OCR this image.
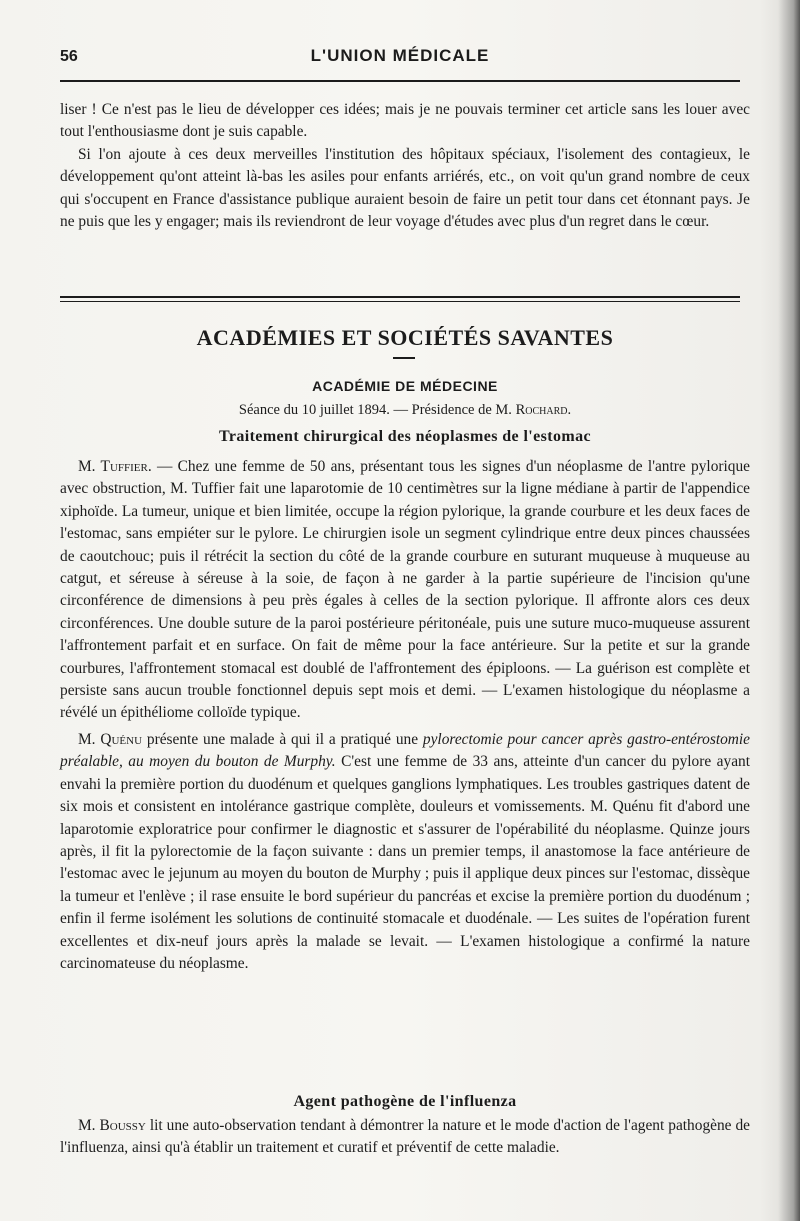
56	L'UNION MÉDICALE

liser ! Ce n'est pas le lieu de développer ces idées; mais je ne pouvais terminer cet article sans les louer avec tout l'enthousiasme dont je suis capable.

Si l'on ajoute à ces deux merveilles l'institution des hôpitaux spéciaux, l'isolement des contagieux, le développement qu'ont atteint là-bas les asiles pour enfants arriérés, etc., on voit qu'un grand nombre de ceux qui s'occupent en France d'assistance publique auraient besoin de faire un petit tour dans cet étonnant pays. Je ne puis que les y engager; mais ils reviendront de leur voyage d'études avec plus d'un regret dans le cœur.

ACADÉMIES ET SOCIÉTÉS SAVANTES
ACADÉMIE DE MÉDECINE
Séance du 10 juillet 1894. — Présidence de M. Rochard.
Traitement chirurgical des néoplasmes de l'estomac

M. Tuffier. — Chez une femme de 50 ans, présentant tous les signes d'un néoplasme de l'antre pylorique avec obstruction, M. Tuffier fait une laparotomie de 10 centimètres sur la ligne médiane à partir de l'appendice xiphoïde. La tumeur, unique et bien limitée, occupe la région pylorique, la grande courbure et les deux faces de l'estomac, sans empiéter sur le pylore. Le chirurgien isole un segment cylindrique entre deux pinces chaussées de caoutchouc; puis il rétrécit la section du côté de la grande courbure en suturant muqueuse à muqueuse au catgut, et séreuse à séreuse à la soie, de façon à ne garder à la partie supérieure de l'incision qu'une circonférence de dimensions à peu près égales à celles de la section pylorique. Il affronte alors ces deux circonférences. Une double suture de la paroi postérieure péritonéale, puis une suture muco-muqueuse assurent l'affrontement parfait et en surface. On fait de même pour la face antérieure. Sur la petite et sur la grande courbures, l'affrontement stomacal est doublé de l'affrontement des épiploons. — La guérison est complète et persiste sans aucun trouble fonctionnel depuis sept mois et demi. — L'examen histologique du néoplasme a révélé un épithéliome colloïde typique.

M. Quénu présente une malade à qui il a pratiqué une pylorectomie pour cancer après gastro-entérostomie préalable, au moyen du bouton de Murphy. C'est une femme de 33 ans, atteinte d'un cancer du pylore ayant envahi la première portion du duodénum et quelques ganglions lymphatiques. Les troubles gastriques datent de six mois et consistent en intolérance gastrique complète, douleurs et vomissements. M. Quénu fit d'abord une laparotomie exploratrice pour confirmer le diagnostic et s'assurer de l'opérabilité du néoplasme. Quinze jours après, il fit la pylorectomie de la façon suivante : dans un premier temps, il anastomose la face antérieure de l'estomac avec le jejunum au moyen du bouton de Murphy ; puis il applique deux pinces sur l'estomac, dissèque la tumeur et l'enlève ; il rase ensuite le bord supérieur du pancréas et excise la première portion du duodénum ; enfin il ferme isolément les solutions de continuité stomacale et duodénale. — Les suites de l'opération furent excellentes et dix-neuf jours après la malade se levait. — L'examen histologique a confirmé la nature carcinomateuse du néoplasme.

Agent pathogène de l'influenza

M. Boussy lit une auto-observation tendant à démontrer la nature et le mode d'action de l'agent pathogène de l'influenza, ainsi qu'à établir un traitement et curatif et préventif de cette maladie.
